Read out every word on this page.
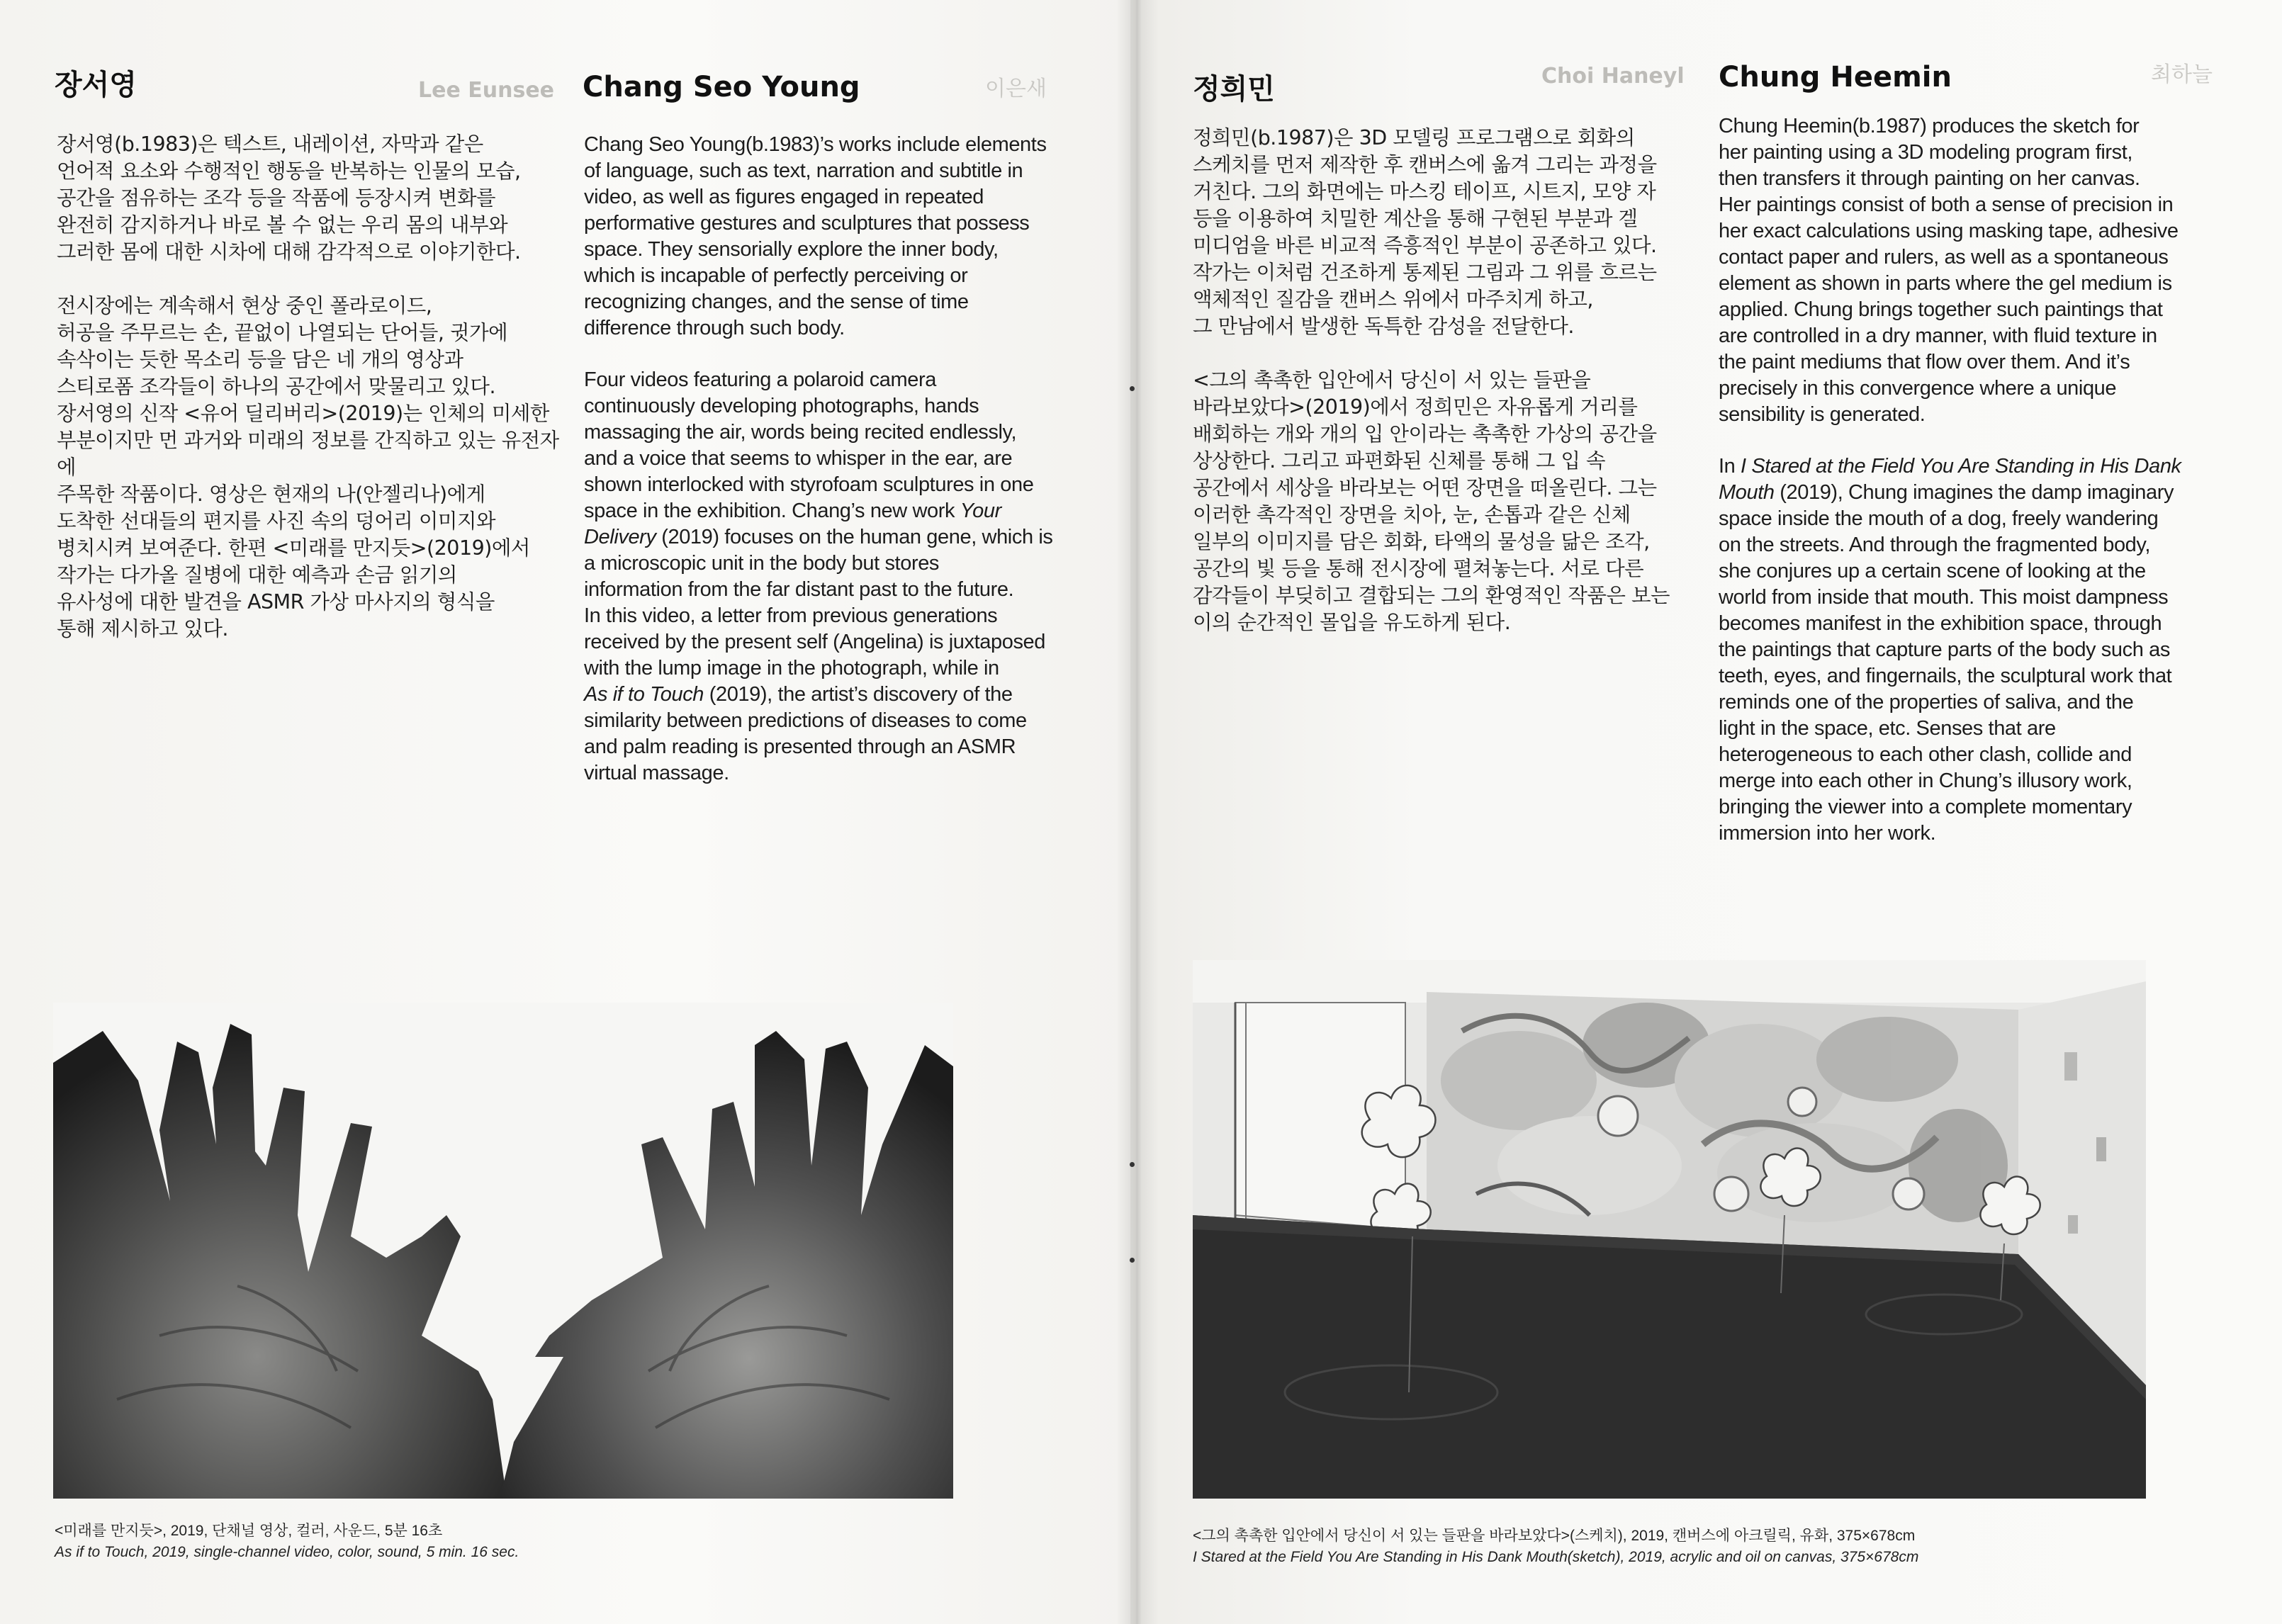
Lee Eunsee	이은새
Choi Haneyl	최하늘
장서영

장서영(b.1983)은 텍스트, 내레이션, 자막과 같은
언어적 요소와 수행적인 행동을 반복하는 인물의 모습,
공간을 점유하는 조각 등을 작품에 등장시켜 변화를
완전히 감지하거나 바로 볼 수 없는 우리 몸의 내부와
그러한 몸에 대한 시차에 대해 감각적으로 이야기한다.

전시장에는 계속해서 현상 중인 폴라로이드,
허공을 주무르는 손, 끝없이 나열되는 단어들, 귓가에
속삭이는 듯한 목소리 등을 담은 네 개의 영상과
스티로폼 조각들이 하나의 공간에서 맞물리고 있다.
장서영의 신작 <유어 딜리버리>(2019)는 인체의 미세한
부분이지만 먼 과거와 미래의 정보를 간직하고 있는 유전자에
주목한 작품이다. 영상은 현재의 나(안젤리나)에게
도착한 선대들의 편지를 사진 속의 덩어리 이미지와
병치시켜 보여준다. 한편 <미래를 만지듯>(2019)에서
작가는 다가올 질병에 대한 예측과 손금 읽기의
유사성에 대한 발견을 ASMR 가상 마사지의 형식을
통해 제시하고 있다.

Chang Seo Young

Chang Seo Young(b.1983)’s works include elements
of language, such as text, narration and subtitle in
video, as well as figures engaged in repeated
performative gestures and sculptures that possess
space. They sensorially explore the inner body,
which is incapable of perfectly perceiving or
recognizing changes, and the sense of time
difference through such body.

Four videos featuring a polaroid camera
continuously developing photographs, hands
massaging the air, words being recited endlessly,
and a voice that seems to whisper in the ear, are
shown interlocked with styrofoam sculptures in one
space in the exhibition. Chang’s new work Your
Delivery (2019) focuses on the human gene, which is
a microscopic unit in the body but stores
information from the far distant past to the future.
In this video, a letter from previous generations
received by the present self (Angelina) is juxtaposed
with the lump image in the photograph, while in
As if to Touch (2019), the artist’s discovery of the
similarity between predictions of diseases to come
and palm reading is presented through an ASMR
virtual massage.

<미래를 만지듯>, 2019, 단채널 영상, 컬러, 사운드, 5분 16초
As if to Touch, 2019, single-channel video, color, sound, 5 min. 16 sec.
정희민

정희민(b.1987)은 3D 모델링 프로그램으로 회화의
스케치를 먼저 제작한 후 캔버스에 옮겨 그리는 과정을
거친다. 그의 화면에는 마스킹 테이프, 시트지, 모양 자
등을 이용하여 치밀한 계산을 통해 구현된 부분과 겔
미디엄을 바른 비교적 즉흥적인 부분이 공존하고 있다.
작가는 이처럼 건조하게 통제된 그림과 그 위를 흐르는
액체적인 질감을 캔버스 위에서 마주치게 하고,
그 만남에서 발생한 독특한 감성을 전달한다.

<그의 촉촉한 입안에서 당신이 서 있는 들판을
바라보았다>(2019)에서 정희민은 자유롭게 거리를
배회하는 개와 개의 입 안이라는 촉촉한 가상의 공간을
상상한다. 그리고 파편화된 신체를 통해 그 입 속
공간에서 세상을 바라보는 어떤 장면을 떠올린다. 그는
이러한 촉각적인 장면을 치아, 눈, 손톱과 같은 신체
일부의 이미지를 담은 회화, 타액의 물성을 닮은 조각,
공간의 빛 등을 통해 전시장에 펼쳐놓는다. 서로 다른
감각들이 부딪히고 결합되는 그의 환영적인 작품은 보는
이의 순간적인 몰입을 유도하게 된다.

Chung Heemin

Chung Heemin(b.1987) produces the sketch for
her painting using a 3D modeling program first,
then transfers it through painting on her canvas.
Her paintings consist of both a sense of precision in
her exact calculations using masking tape, adhesive
contact paper and rulers, as well as a spontaneous
element as shown in parts where the gel medium is
applied. Chung brings together such paintings that
are controlled in a dry manner, with fluid texture in
the paint mediums that flow over them. And it’s
precisely in this convergence where a unique
sensibility is generated.

In I Stared at the Field You Are Standing in His Dank
Mouth (2019), Chung imagines the damp imaginary
space inside the mouth of a dog, freely wandering
on the streets. And through the fragmented body,
she conjures up a certain scene of looking at the
world from inside that mouth. This moist dampness
becomes manifest in the exhibition space, through
the paintings that capture parts of the body such as
teeth, eyes, and fingernails, the sculptural work that
reminds one of the properties of saliva, and the
light in the space, etc. Senses that are
heterogeneous to each other clash, collide and
merge into each other in Chung’s illusory work,
bringing the viewer into a complete momentary
immersion into her work.

<그의 촉촉한 입안에서 당신이 서 있는 들판을 바라보았다>(스케치), 2019, 캔버스에 아크릴릭, 유화, 375×678cm
I Stared at the Field You Are Standing in His Dank Mouth(sketch), 2019, acrylic and oil on canvas, 375×678cm
